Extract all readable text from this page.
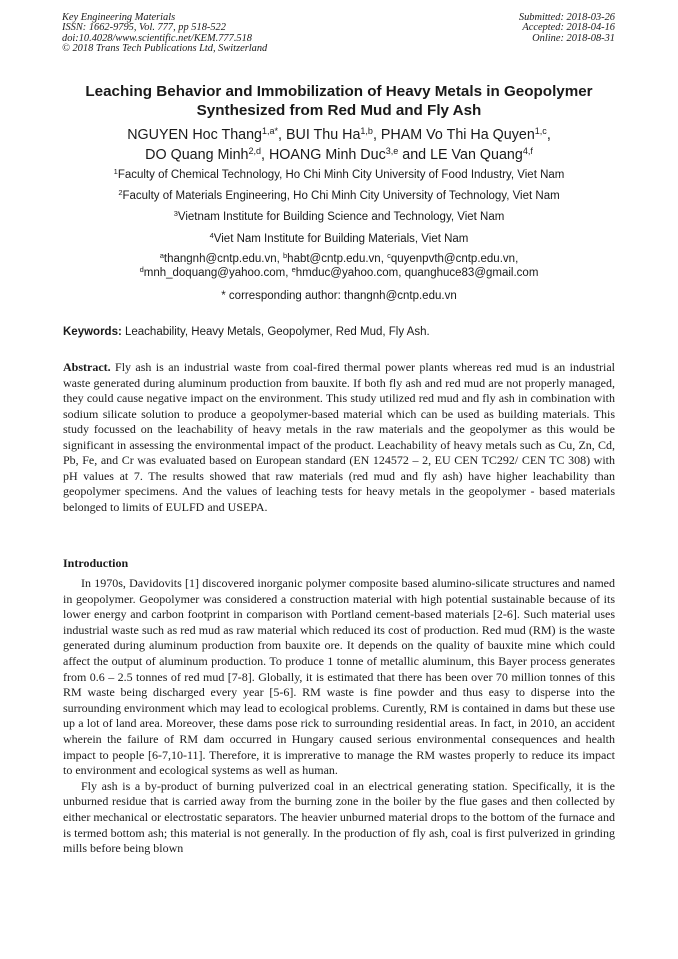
Key Engineering Materials
ISSN: 1662-9795, Vol. 777, pp 518-522
doi:10.4028/www.scientific.net/KEM.777.518
© 2018 Trans Tech Publications Ltd, Switzerland
Submitted: 2018-03-26
Accepted: 2018-04-16
Online: 2018-08-31
Leaching Behavior and Immobilization of Heavy Metals in Geopolymer Synthesized from Red Mud and Fly Ash
NGUYEN Hoc Thang$^{1,a*}$, BUI Thu Ha$^{1,b}$, PHAM Vo Thi Ha Quyen$^{1,c}$,
DO Quang Minh$^{2,d}$, HOANG Minh Duc$^{3,e}$ and LE Van Quang$^{4,f}$
$^1$Faculty of Chemical Technology, Ho Chi Minh City University of Food Industry, Viet Nam
$^2$Faculty of Materials Engineering, Ho Chi Minh City University of Technology, Viet Nam
$^3$Vietnam Institute for Building Science and Technology, Viet Nam
$^4$Viet Nam Institute for Building Materials, Viet Nam
$^a$thangnh@cntp.edu.vn, $^b$habt@cntp.edu.vn, $^c$quyenpvth@cntp.edu.vn,
$^d$mnh_doquang@yahoo.com, $^e$hmduc@yahoo.com, quanghuce83@gmail.com
* corresponding author: thangnh@cntp.edu.vn
Keywords: Leachability, Heavy Metals, Geopolymer, Red Mud, Fly Ash.
Abstract. Fly ash is an industrial waste from coal-fired thermal power plants whereas red mud is an industrial waste generated during aluminum production from bauxite. If both fly ash and red mud are not properly managed, they could cause negative impact on the environment. This study utilized red mud and fly ash in combination with sodium silicate solution to produce a geopolymer-based material which can be used as building materials. This study focussed on the leachability of heavy metals in the raw materials and the geopolymer as this would be significant in assessing the environmental impact of the product. Leachability of heavy metals such as Cu, Zn, Cd, Pb, Fe, and Cr was evaluated based on European standard (EN 124572 – 2, EU CEN TC292/ CEN TC 308) with pH values at 7. The results showed that raw materials (red mud and fly ash) have higher leachability than geopolymer specimens. And the values of leaching tests for heavy metals in the geopolymer - based materials belonged to limits of EULFD and USEPA.
Introduction

In 1970s, Davidovits [1] discovered inorganic polymer composite based alumino-silicate structures and named in geopolymer. Geopolymer was considered a construction material with high potential sustainable because of its lower energy and carbon footprint in comparison with Portland cement-based materials [2-6]. Such material uses industrial waste such as red mud as raw material which reduced its cost of production. Red mud (RM) is the waste generated during aluminum production from bauxite ore. It depends on the quality of bauxite mine which could affect the output of aluminum production. To produce 1 tonne of metallic aluminum, this Bayer process generates from 0.6 – 2.5 tonnes of red mud [7-8]. Globally, it is estimated that there has been over 70 million tonnes of this RM waste being discharged every year [5-6]. RM waste is fine powder and thus easy to disperse into the surrounding environment which may lead to ecological problems. Curently, RM is contained in dams but these use up a lot of land area. Moreover, these dams pose rick to surrounding residential areas. In fact, in 2010, an accident wherein the failure of RM dam occurred in Hungary caused serious environmental consequences and health impact to people [6-7,10-11]. Therefore, it is imprerative to manage the RM wastes properly to reduce its impact to environment and ecological systems as well as human.

Fly ash is a by-product of burning pulverized coal in an electrical generating station. Specifically, it is the unburned residue that is carried away from the burning zone in the boiler by the flue gases and then collected by either mechanical or electrostatic separators. The heavier unburned material drops to the bottom of the furnace and is termed bottom ash; this material is not generally. In the production of fly ash, coal is first pulverized in grinding mills before being blown
